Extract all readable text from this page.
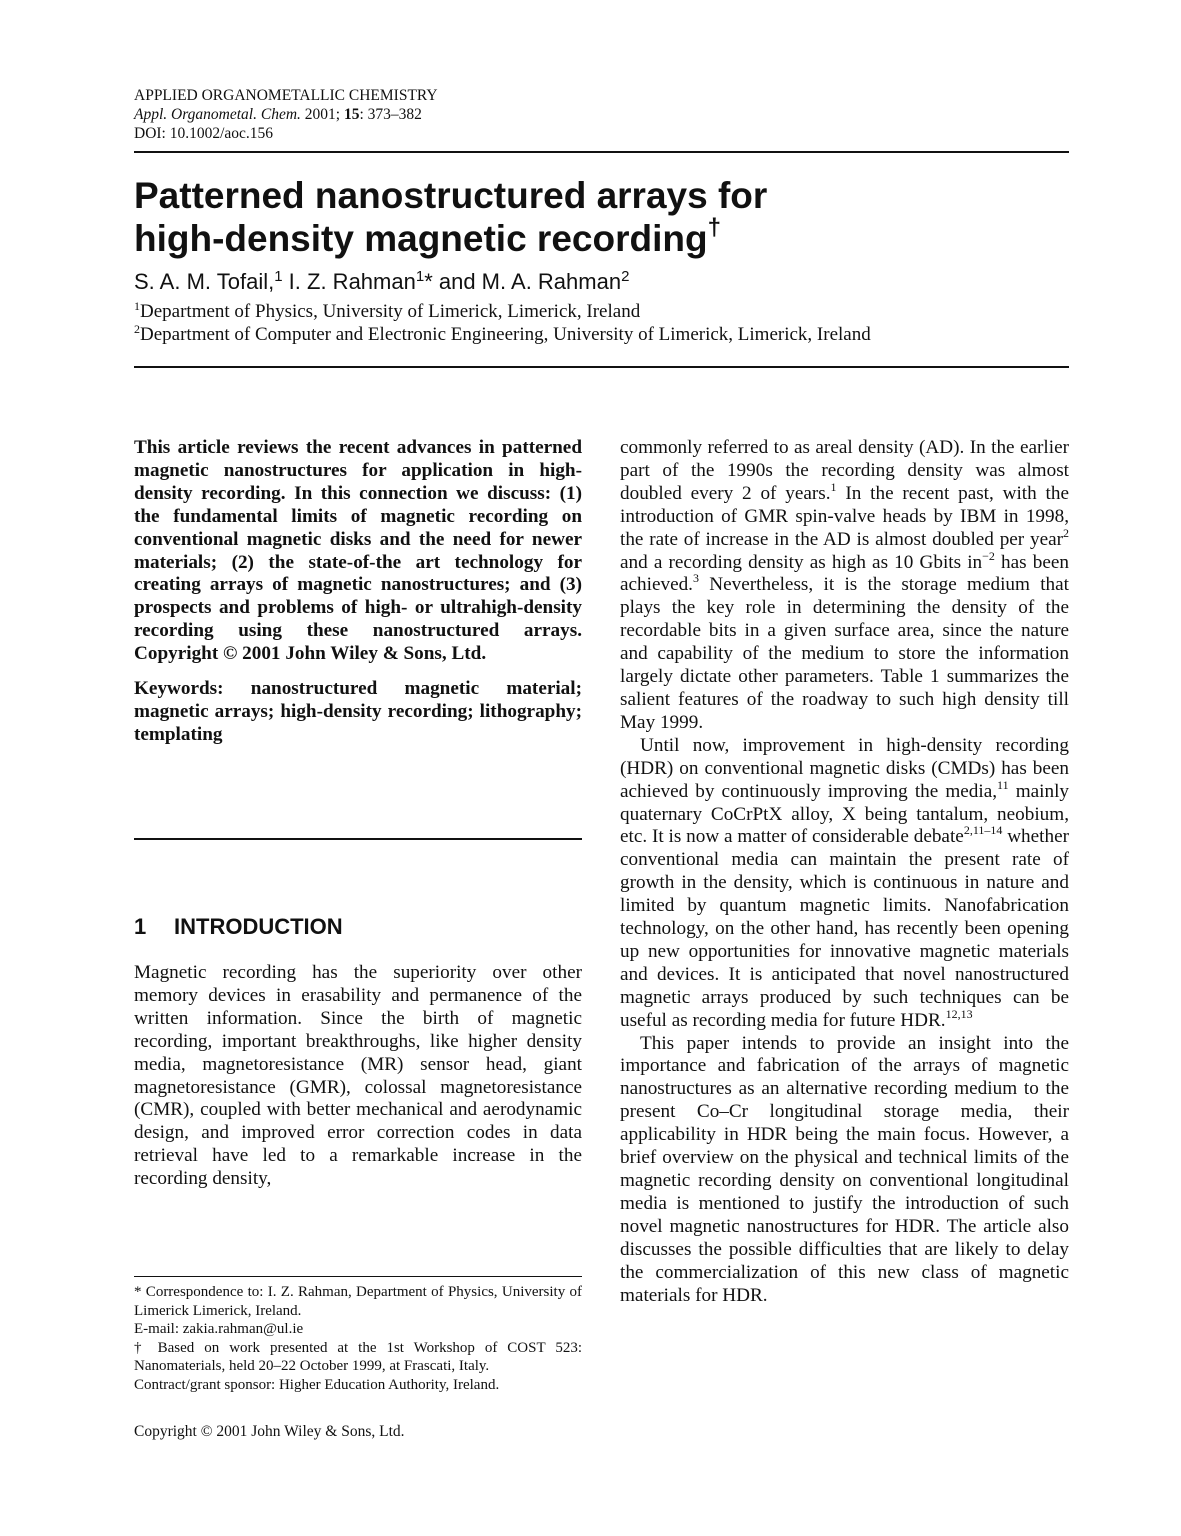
APPLIED ORGANOMETALLIC CHEMISTRY
Appl. Organometal. Chem. 2001; 15: 373–382
DOI: 10.1002/aoc.156
Patterned nanostructured arrays for
high-density magnetic recording†
S. A. M. Tofail,$^1$ I. Z. Rahman$^1$* and M. A. Rahman$^2$
$^1$Department of Physics, University of Limerick, Limerick, Ireland
$^2$Department of Computer and Electronic Engineering, University of Limerick, Limerick, Ireland

This article reviews the recent advances in patterned magnetic nanostructures for application in high-density recording. In this connection we discuss: (1) the fundamental limits of magnetic recording on conventional magnetic disks and the need for newer materials; (2) the state-of-the art technology for creating arrays of magnetic nanostructures; and (3) prospects and problems of high- or ultrahigh-density recording using these nanostructured arrays. Copyright © 2001 John Wiley & Sons, Ltd.

Keywords: nanostructured magnetic material; magnetic arrays; high-density recording; lithography; templating

1 INTRODUCTION

Magnetic recording has the superiority over other memory devices in erasability and permanence of the written information. Since the birth of magnetic recording, important breakthroughs, like higher density media, magnetoresistance (MR) sensor head, giant magnetoresistance (GMR), colossal magnetoresistance (CMR), coupled with better mechanical and aerodynamic design, and improved error correction codes in data retrieval have led to a remarkable increase in the recording density,

commonly referred to as areal density (AD). In the earlier part of the 1990s the recording density was almost doubled every 2 of years.$^1$ In the recent past, with the introduction of GMR spin-valve heads by IBM in 1998, the rate of increase in the AD is almost doubled per year$^2$ and a recording density as high as 10 Gbits $in^{-2}$ has been achieved.$^3$ Nevertheless, it is the storage medium that plays the key role in determining the density of the recordable bits in a given surface area, since the nature and capability of the medium to store the information largely dictate other parameters. Table 1 summarizes the salient features of the roadway to such high density till May 1999.

Until now, improvement in high-density recording (HDR) on conventional magnetic disks (CMDs) has been achieved by continuously improving the media,$^{11}$ mainly quaternary CoCrPtX alloy, X being tantalum, neobium, etc. It is now a matter of considerable debate$^{2,11-14}$ whether conventional media can maintain the present rate of growth in the density, which is continuous in nature and limited by quantum magnetic limits. Nanofabrication technology, on the other hand, has recently been opening up new opportunities for innovative magnetic materials and devices. It is anticipated that novel nanostructured magnetic arrays produced by such techniques can be useful as recording media for future HDR.$^{12,13}$

This paper intends to provide an insight into the importance and fabrication of the arrays of magnetic nanostructures as an alternative recording medium to the present Co–Cr longitudinal storage media, their applicability in HDR being the main focus. However, a brief overview on the physical and technical limits of the magnetic recording density on conventional longitudinal media is mentioned to justify the introduction of such novel magnetic nanostructures for HDR. The article also discusses the possible difficulties that are likely to delay the commercialization of this new class of magnetic materials for HDR.

* Correspondence to: I. Z. Rahman, Department of Physics, University of Limerick Limerick, Ireland.
E-mail: zakia.rahman@ul.ie
† Based on work presented at the 1st Workshop of COST 523: Nanomaterials, held 20–22 October 1999, at Frascati, Italy.
Contract/grant sponsor: Higher Education Authority, Ireland.
Copyright © 2001 John Wiley & Sons, Ltd.
